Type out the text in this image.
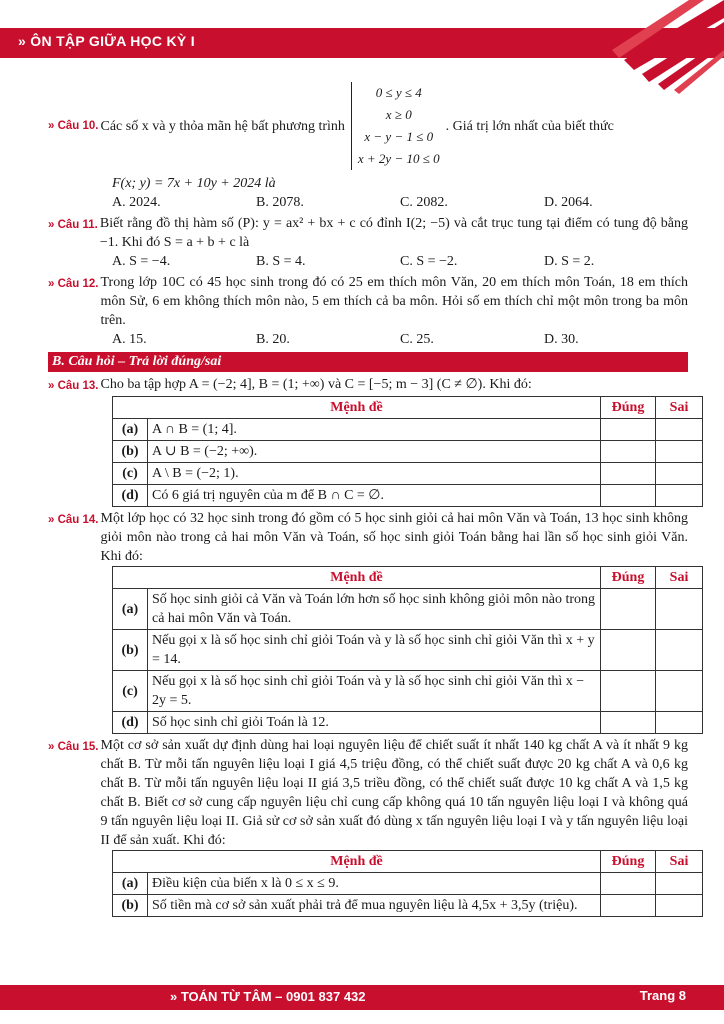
» ÔN TẬP GIỮA HỌC KỲ I
» Câu 10. Các số x và y thỏa mãn hệ bất phương trình
0 ≤ y ≤ 4
x ≥ 0
x − y − 1 ≤ 0
x + 2y − 10 ≤ 0
. Giá trị lớn nhất của biết thức
F(x; y) = 7x + 10y + 2024 là
A. 2024.	B. 2078.	C. 2082.	D. 2064.
» Câu 11. Biết rằng đồ thị hàm số (P): y = ax² + bx + c có đỉnh I(2; −5) và cắt trục tung tại điểm có tung độ bằng −1. Khi đó S = a + b + c là
A. S = −4.	B. S = 4.	C. S = −2.	D. S = 2.
» Câu 12. Trong lớp 10C có 45 học sinh trong đó có 25 em thích môn Văn, 20 em thích môn Toán, 18 em thích môn Sử, 6 em không thích môn nào, 5 em thích cả ba môn. Hỏi số em thích chỉ một môn trong ba môn trên.
A. 15.	B. 20.	C. 25.	D. 30.
B. Câu hỏi – Trả lời đúng/sai
» Câu 13. Cho ba tập hợp A = (−2; 4], B = (1; +∞) và C = [−5; m − 3] (C ≠ ∅). Khi đó:
Mệnh đề		Đúng	Sai
(a)	A ∩ B = (1; 4].		
(b)	A ∪ B = (−2; +∞).		
(c)	A \ B = (−2; 1).		
(d)	Có 6 giá trị nguyên của m để B ∩ C = ∅.		
» Câu 14. Một lớp học có 32 học sinh trong đó gồm có 5 học sinh giỏi cả hai môn Văn và Toán, 13 học sinh không giỏi môn nào trong cả hai môn Văn và Toán, số học sinh giỏi Toán bằng hai lần số học sinh giỏi Văn. Khi đó:
Mệnh đề		Đúng	Sai
(a)	Số học sinh giỏi cả Văn và Toán lớn hơn số học sinh không giỏi môn nào trong cả hai môn Văn và Toán.		
(b)	Nếu gọi x là số học sinh chỉ giỏi Toán và y là số học sinh chỉ giỏi Văn thì x + y = 14.		
(c)	Nếu gọi x là số học sinh chỉ giỏi Toán và y là số học sinh chỉ giỏi Văn thì x − 2y = 5.		
(d)	Số học sinh chỉ giỏi Toán là 12.		
» Câu 15. Một cơ sở sản xuất dự định dùng hai loại nguyên liệu để chiết suất ít nhất 140 kg chất A và ít nhất 9 kg chất B. Từ mỗi tấn nguyên liệu loại I giá 4,5 triệu đồng, có thể chiết suất được 20 kg chất A và 0,6 kg chất B. Từ mỗi tấn nguyên liệu loại II giá 3,5 triều đồng, có thể chiết suất được 10 kg chất A và 1,5 kg chất B. Biết cơ sở cung cấp nguyên liệu chỉ cung cấp không quá 10 tấn nguyên liệu loại I và không quá 9 tấn nguyên liệu loại II. Giả sử cơ sở sản xuất đó dùng x tấn nguyên liệu loại I và y tấn nguyên liệu loại II để sản xuất. Khi đó:
Mệnh đề		Đúng	Sai
(a)	Điều kiện của biến x là 0 ≤ x ≤ 9.		
(b)	Số tiền mà cơ sở sản xuất phải trả để mua nguyên liệu là 4,5x + 3,5y (triệu).		
» TOÁN TỪ TÂM – 0901 837 432	Trang 8
